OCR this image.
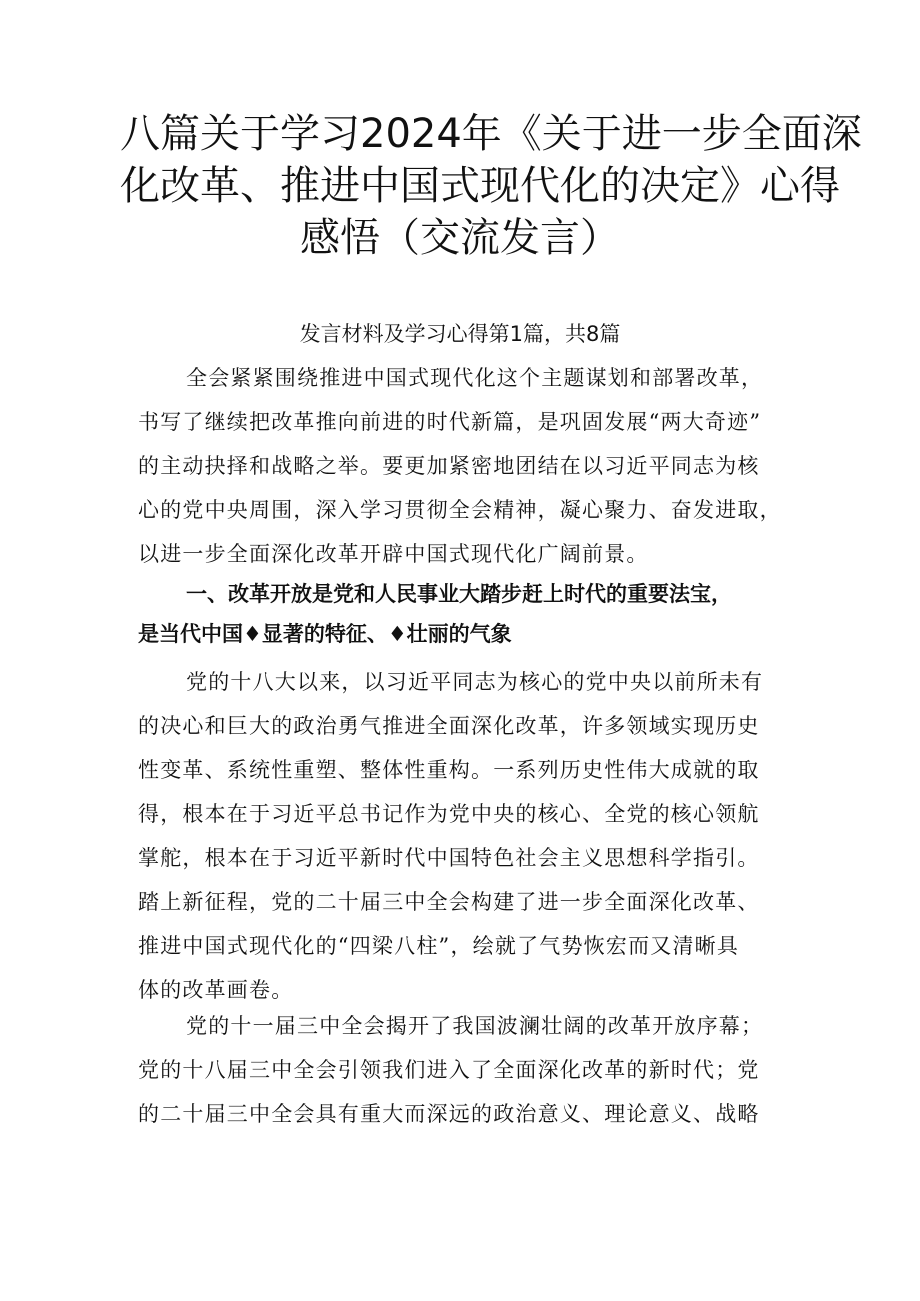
八篇关于学习2024年《关于进一步全面深
化改革、推进中国式现代化的决定》心得
感悟（交流发言）

发言材料及学习心得第1篇，共8篇

全会紧紧围绕推进中国式现代化这个主题谋划和部署改革，
书写了继续把改革推向前进的时代新篇，是巩固发展“两大奇迹”
的主动抉择和战略之举。要更加紧密地团结在以习近平同志为核
心的党中央周围，深入学习贯彻全会精神，凝心聚力、奋发进取，
以进一步全面深化改革开辟中国式现代化广阔前景。

一、改革开放是党和人民事业大踏步赶上时代的重要法宝，
是当代中国♦显著的特征、♦壮丽的气象

党的十八大以来，以习近平同志为核心的党中央以前所未有
的决心和巨大的政治勇气推进全面深化改革，许多领域实现历史
性变革、系统性重塑、整体性重构。一系列历史性伟大成就的取
得，根本在于习近平总书记作为党中央的核心、全党的核心领航
掌舵，根本在于习近平新时代中国特色社会主义思想科学指引。
踏上新征程，党的二十届三中全会构建了进一步全面深化改革、
推进中国式现代化的“四梁八柱”，绘就了气势恢宏而又清晰具
体的改革画卷。

党的十一届三中全会揭开了我国波澜壮阔的改革开放序幕；
党的十八届三中全会引领我们进入了全面深化改革的新时代；党
的二十届三中全会具有重大而深远的政治意义、理论意义、战略
